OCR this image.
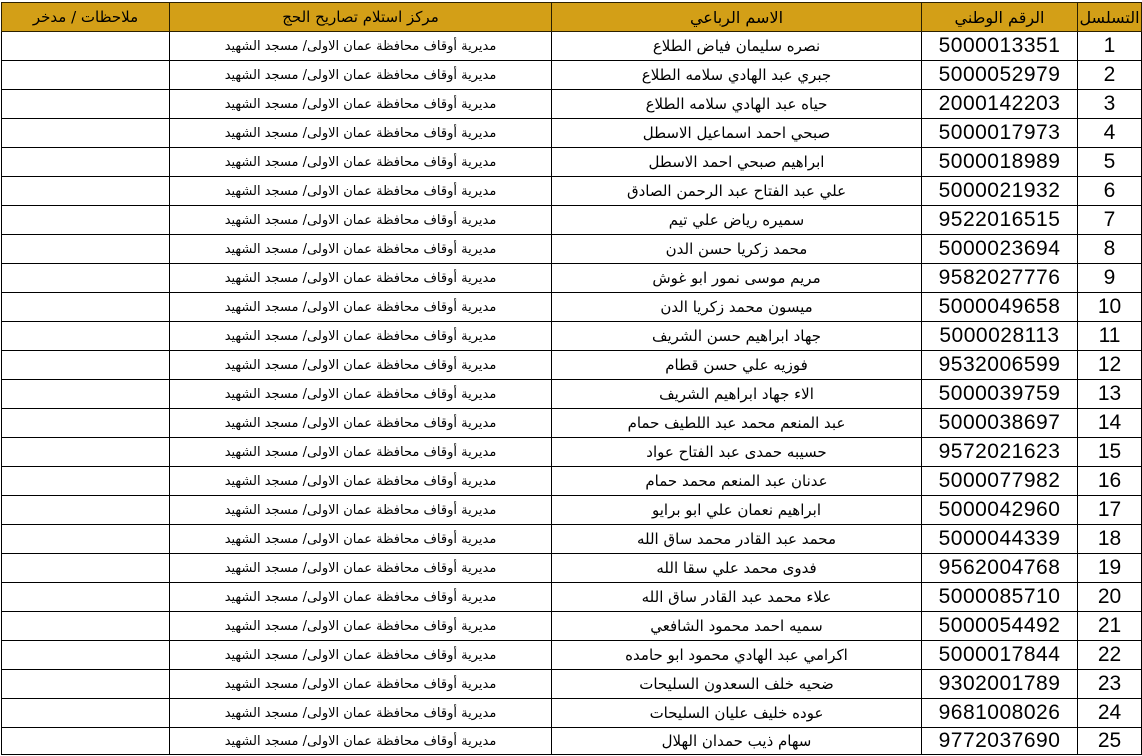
التسلسل	الرقم الوطني	الاسم الرباعي	مركز استلام تصاريح الحج	ملاحظات / مدخر
1	5000013351	نصره سليمان فياض الطلاع	مديرية أوقاف محافظة عمان الاولى/ مسجد الشهيد	
2	5000052979	جبري عبد الهادي سلامه الطلاع	مديرية أوقاف محافظة عمان الاولى/ مسجد الشهيد	
3	2000142203	حياه عبد الهادي سلامه الطلاع	مديرية أوقاف محافظة عمان الاولى/ مسجد الشهيد	
4	5000017973	صبحي احمد اسماعيل الاسطل	مديرية أوقاف محافظة عمان الاولى/ مسجد الشهيد	
5	5000018989	ابراهيم صبحي احمد الاسطل	مديرية أوقاف محافظة عمان الاولى/ مسجد الشهيد	
6	5000021932	علي عبد الفتاح عبد الرحمن الصادق	مديرية أوقاف محافظة عمان الاولى/ مسجد الشهيد	
7	9522016515	سميره رياض علي تيم	مديرية أوقاف محافظة عمان الاولى/ مسجد الشهيد	
8	5000023694	محمد زكريا حسن الدن	مديرية أوقاف محافظة عمان الاولى/ مسجد الشهيد	
9	9582027776	مريم موسى نمور ابو غوش	مديرية أوقاف محافظة عمان الاولى/ مسجد الشهيد	
10	5000049658	ميسون محمد زكريا الدن	مديرية أوقاف محافظة عمان الاولى/ مسجد الشهيد	
11	5000028113	جهاد ابراهيم حسن الشريف	مديرية أوقاف محافظة عمان الاولى/ مسجد الشهيد	
12	9532006599	فوزيه علي حسن قطام	مديرية أوقاف محافظة عمان الاولى/ مسجد الشهيد	
13	5000039759	الاء جهاد ابراهيم الشريف	مديرية أوقاف محافظة عمان الاولى/ مسجد الشهيد	
14	5000038697	عبد المنعم محمد عبد اللطيف حمام	مديرية أوقاف محافظة عمان الاولى/ مسجد الشهيد	
15	9572021623	حسيبه حمدى عبد الفتاح عواد	مديرية أوقاف محافظة عمان الاولى/ مسجد الشهيد	
16	5000077982	عدنان عبد المنعم محمد حمام	مديرية أوقاف محافظة عمان الاولى/ مسجد الشهيد	
17	5000042960	ابراهيم نعمان علي ابو برايو	مديرية أوقاف محافظة عمان الاولى/ مسجد الشهيد	
18	5000044339	محمد عبد القادر محمد ساق الله	مديرية أوقاف محافظة عمان الاولى/ مسجد الشهيد	
19	9562004768	فدوى محمد علي سقا الله	مديرية أوقاف محافظة عمان الاولى/ مسجد الشهيد	
20	5000085710	علاء محمد عبد القادر ساق الله	مديرية أوقاف محافظة عمان الاولى/ مسجد الشهيد	
21	5000054492	سميه احمد محمود الشافعي	مديرية أوقاف محافظة عمان الاولى/ مسجد الشهيد	
22	5000017844	اكرامي عبد الهادي محمود ابو حامده	مديرية أوقاف محافظة عمان الاولى/ مسجد الشهيد	
23	9302001789	ضحيه خلف السعدون السليحات	مديرية أوقاف محافظة عمان الاولى/ مسجد الشهيد	
24	9681008026	عوده خليف عليان السليحات	مديرية أوقاف محافظة عمان الاولى/ مسجد الشهيد	
25	9772037690	سهام ذيب حمدان الهلال	مديرية أوقاف محافظة عمان الاولى/ مسجد الشهيد	
